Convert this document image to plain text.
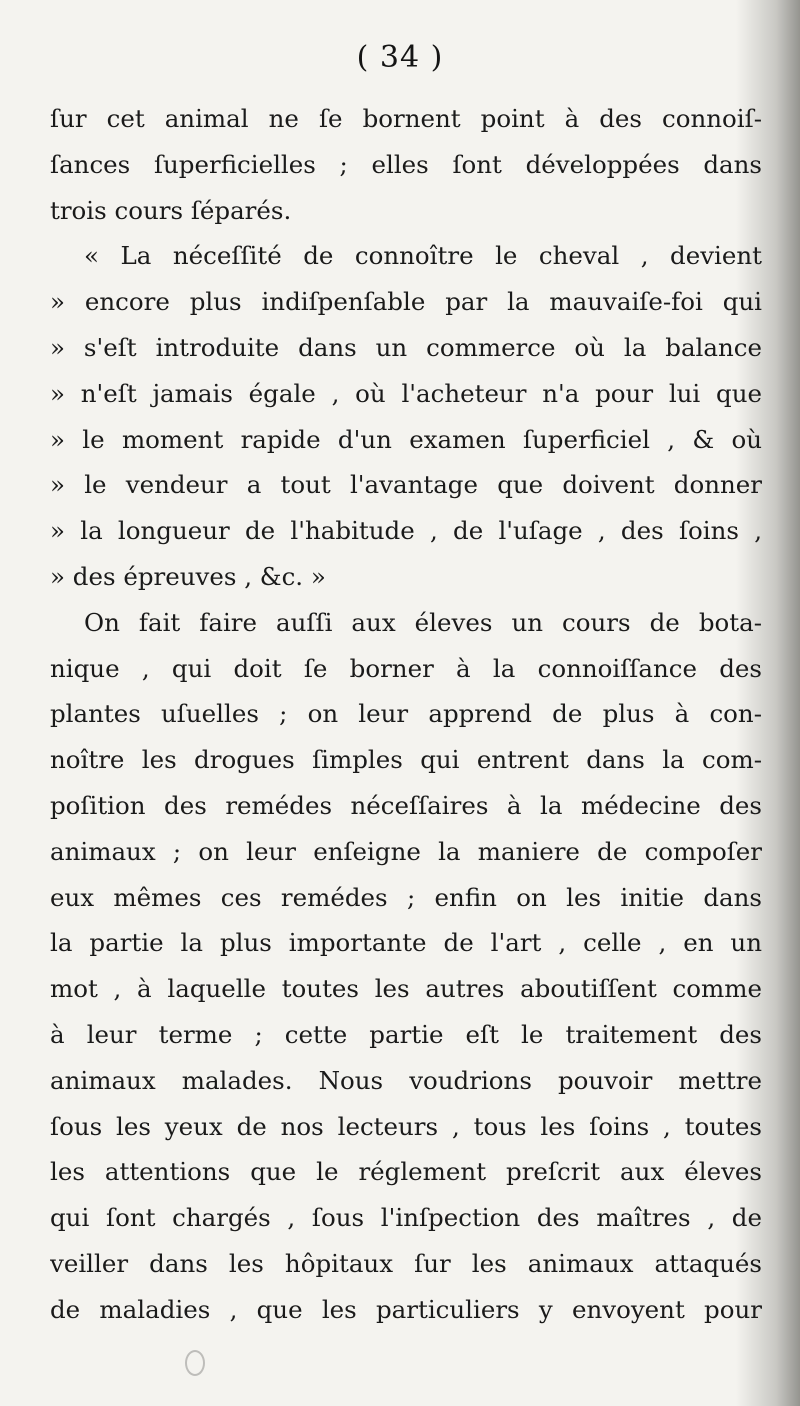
( 34 )
ſur cet animal ne ſe bornent point à des connoiſ-
ſances ſuperficielles ; elles ſont développées dans
trois cours ſéparés.
« La néceſſité de connoître le cheval , devient
» encore plus indiſpenſable par la mauvaiſe-foi qui
» s'eſt introduite dans un commerce où la balance
» n'eſt jamais égale , où l'acheteur n'a pour lui que
» le moment rapide d'un examen ſuperficiel , & où
» le vendeur a tout l'avantage que doivent donner
» la longueur de l'habitude , de l'uſage , des ſoins ,
» des épreuves , &c. »
On fait faire auſſi aux éleves un cours de bota-
nique , qui doit ſe borner à la connoiſſance des
plantes uſuelles ; on leur apprend de plus à con-
noître les drogues ſimples qui entrent dans la com-
poſition des remédes néceſſaires à la médecine des
animaux ; on leur enſeigne la maniere de compoſer
eux mêmes ces remédes ; enfin on les initie dans
la partie la plus importante de l'art , celle , en un
mot , à laquelle toutes les autres aboutiſſent comme
à leur terme ; cette partie eſt le traitement des
animaux malades. Nous voudrions pouvoir mettre
ſous les yeux de nos lecteurs , tous les ſoins , toutes
les attentions que le réglement preſcrit aux éleves
qui ſont chargés , ſous l'inſpection des maîtres , de
veiller dans les hôpitaux ſur les animaux attaqués
de maladies , que les particuliers y envoyent pour
